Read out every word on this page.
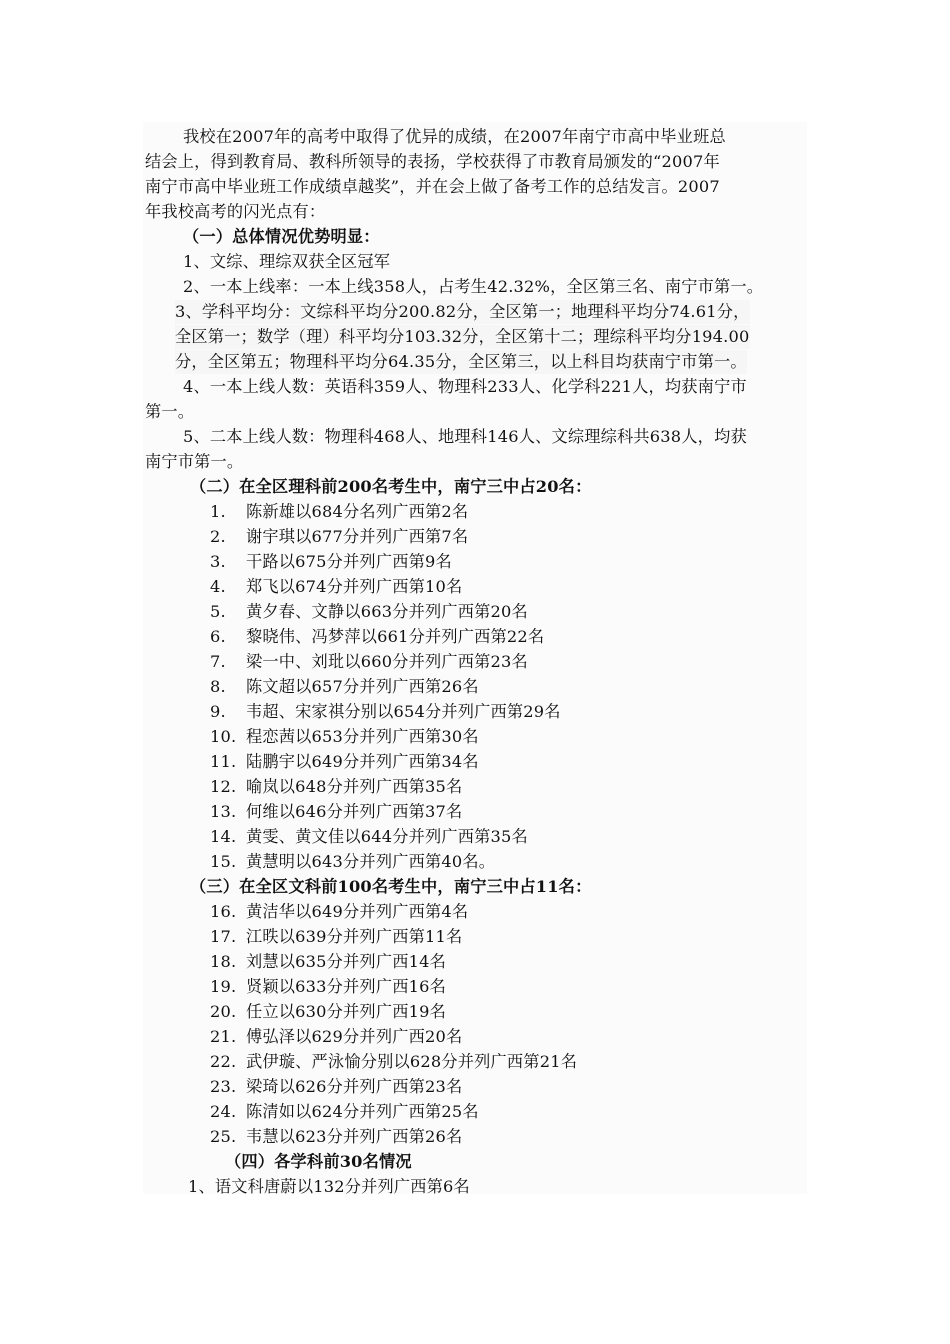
我校在2007年的高考中取得了优异的成绩，在2007年南宁市高中毕业班总
结会上，得到教育局、教科所领导的表扬，学校获得了市教育局颁发的“2007年
南宁市高中毕业班工作成绩卓越奖”，并在会上做了备考工作的总结发言。2007
年我校高考的闪光点有：
（一）总体情况优势明显：
1、文综、理综双获全区冠军
2、一本上线率：一本上线358人，占考生42.32%，全区第三名、南宁市第一。
3、学科平均分：文综科平均分200.82分，全区第一；地理科平均分74.61分，
全区第一；数学（理）科平均分103.32分，全区第十二；理综科平均分194.00
分，全区第五；物理科平均分64.35分，全区第三，以上科目均获南宁市第一。
4、一本上线人数：英语科359人、物理科233人、化学科221人，均获南宁市
第一。
5、二本上线人数：物理科468人、地理科146人、文综理综科共638人，均获
南宁市第一。
（二）在全区理科前200名考生中，南宁三中占20名：
1. 陈新雄以684分名列广西第2名
2. 谢宇琪以677分并列广西第7名
3. 干路以675分并列广西第9名
4. 郑飞以674分并列广西第10名
5. 黄夕春、文静以663分并列广西第20名
6. 黎晓伟、冯梦萍以661分并列广西第22名
7. 梁一中、刘玭以660分并列广西第23名
8. 陈文超以657分并列广西第26名
9. 韦超、宋家祺分别以654分并列广西第29名
10. 程恋茜以653分并列广西第30名
11. 陆鹏宇以649分并列广西第34名
12. 喻岚以648分并列广西第35名
13. 何维以646分并列广西第37名
14. 黄雯、黄文佳以644分并列广西第35名
15. 黄慧明以643分并列广西第40名。
（三）在全区文科前100名考生中，南宁三中占11名：
16. 黄洁华以649分并列广西第4名
17. 江昳以639分并列广西第11名
18. 刘慧以635分并列广西14名
19. 贤颖以633分并列广西16名
20. 任立以630分并列广西19名
21. 傅弘泽以629分并列广西20名
22. 武伊璇、严泳愉分别以628分并列广西第21名
23. 梁琦以626分并列广西第23名
24. 陈清如以624分并列广西第25名
25. 韦慧以623分并列广西第26名
（四）各学科前30名情况
1、语文科唐蔚以132分并列广西第6名
